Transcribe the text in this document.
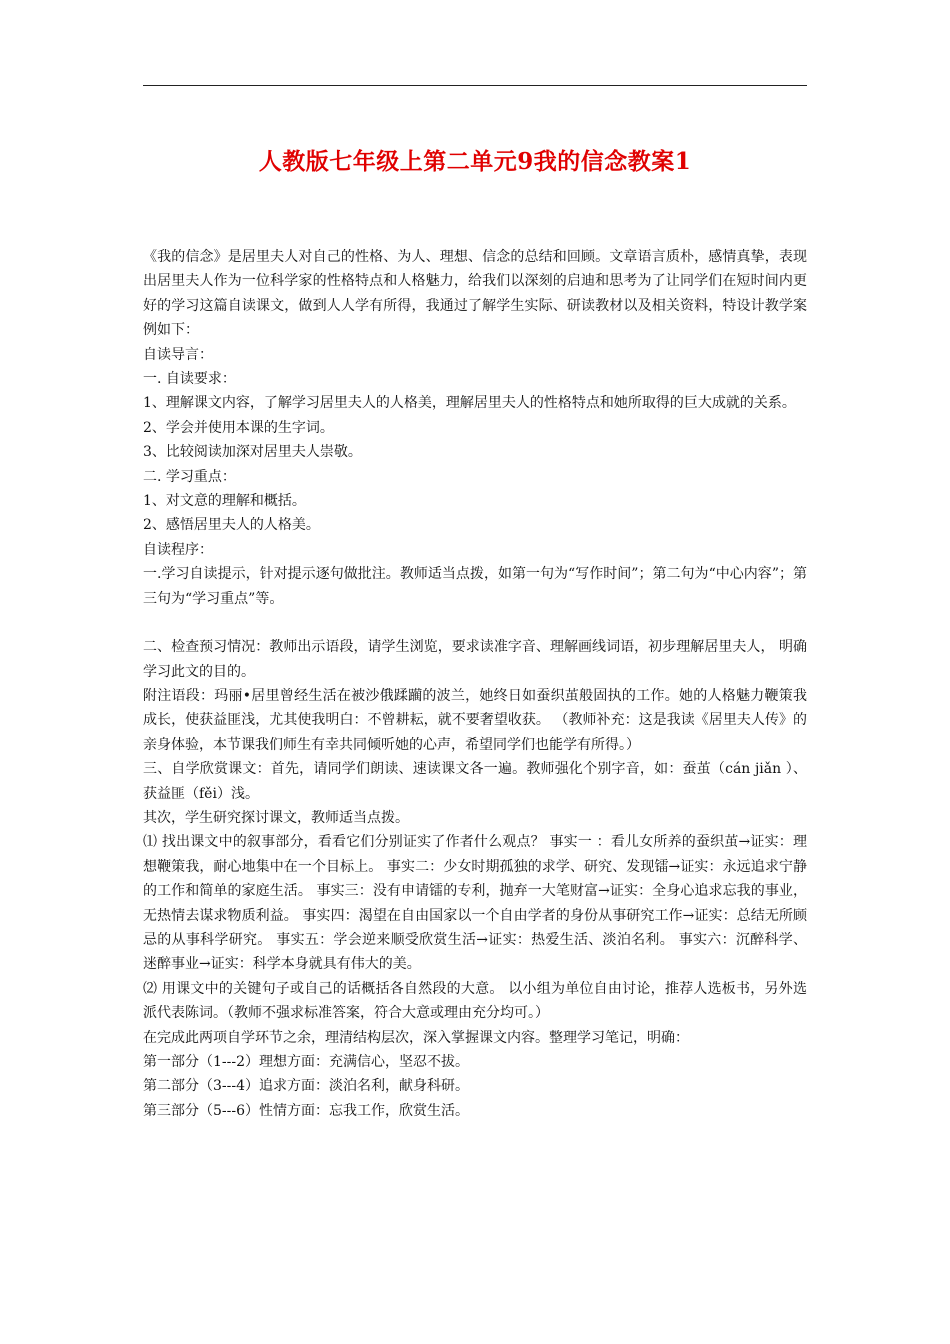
人教版七年级上第二单元9我的信念教案1

《我的信念》是居里夫人对自己的性格、为人、理想、信念的总结和回顾。文章语言质朴，感情真挚，表现出居里夫人作为一位科学家的性格特点和人格魅力，给我们以深刻的启迪和思考为了让同学们在短时间内更好的学习这篇自读课文，做到人人学有所得，我通过了解学生实际、研读教材以及相关资料，特设计教学案例如下：

自读导言：

一. 自读要求：

1、理解课文内容，了解学习居里夫人的人格美，理解居里夫人的性格特点和她所取得的巨大成就的关系。

2、学会并使用本课的生字词。

3、比较阅读加深对居里夫人崇敬。

二. 学习重点：

1、对文意的理解和概括。

2、感悟居里夫人的人格美。

自读程序：

一.学习自读提示，针对提示逐句做批注。教师适当点拨，如第一句为“写作时间”；第二句为“中心内容”；第三句为“学习重点”等。

二、检查预习情况：教师出示语段，请学生浏览，要求读准字音、理解画线词语，初步理解居里夫人， 明确学习此文的目的。

附注语段：玛丽•居里曾经生活在被沙俄蹂躏的波兰，她终日如蚕织茧般固执的工作。她的人格魅力鞭策我成长，使获益匪浅，尤其使我明白：不曾耕耘，就不要奢望收获。 （教师补充：这是我读《居里夫人传》的亲身体验，本节课我们师生有幸共同倾听她的心声，希望同学们也能学有所得。）

三、自学欣赏课文：首先，请同学们朗读、速读课文各一遍。教师强化个别字音，如：蚕茧（cán jiǎn ）、获益匪（fěi）浅。

其次，学生研究探讨课文，教师适当点拨。

⑴ 找出课文中的叙事部分，看看它们分别证实了作者什么观点？ 事实一 ：看儿女所养的蚕织茧→证实：理想鞭策我，耐心地集中在一个目标上。 事实二：少女时期孤独的求学、研究、发现镭→证实：永远追求宁静的工作和简单的家庭生活。 事实三：没有申请镭的专利，抛弃一大笔财富→证实：全身心追求忘我的事业，无热情去谋求物质利益。 事实四：渴望在自由国家以一个自由学者的身份从事研究工作→证实：总结无所顾忌的从事科学研究。 事实五：学会逆来顺受欣赏生活→证实：热爱生活、淡泊名利。 事实六：沉醉科学、迷醉事业→证实：科学本身就具有伟大的美。

⑵ 用课文中的关键句子或自己的话概括各自然段的大意。 以小组为单位自由讨论，推荐人选板书，另外选派代表陈词。（教师不强求标准答案，符合大意或理由充分均可。）

在完成此两项自学环节之余，理清结构层次，深入掌握课文内容。整理学习笔记，明确：

第一部分（1---2）理想方面：充满信心，坚忍不拔。

第二部分（3---4）追求方面：淡泊名利，献身科研。

第三部分（5---6）性情方面：忘我工作，欣赏生活。
